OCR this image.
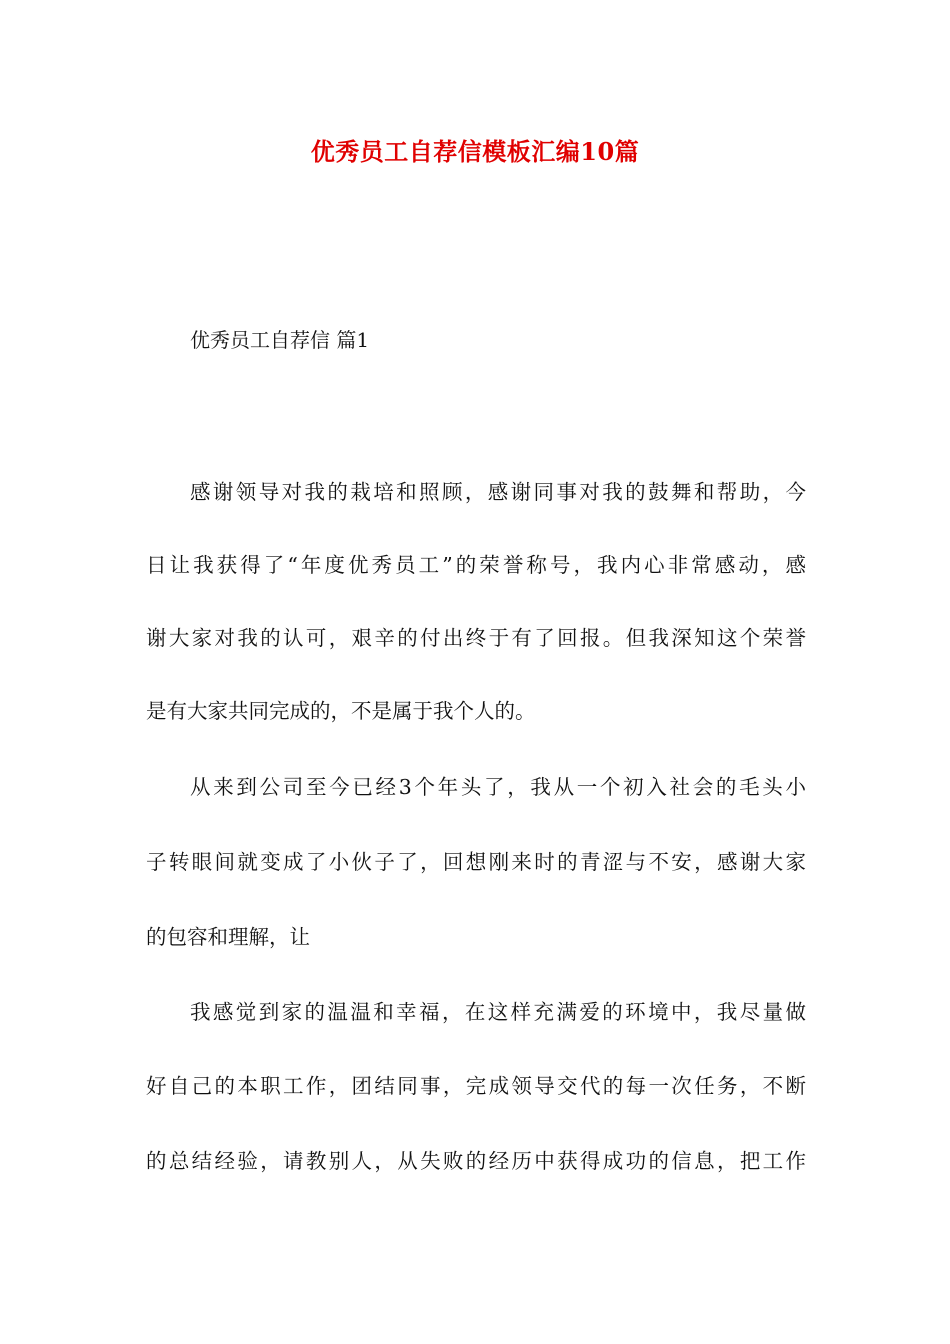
优秀员工自荐信模板汇编10篇
优秀员工自荐信 篇1
感谢领导对我的栽培和照顾，感谢同事对我的鼓舞和帮助，今
日让我获得了“年度优秀员工”的荣誉称号，我内心非常感动，感
谢大家对我的认可，艰辛的付出终于有了回报。但我深知这个荣誉
是有大家共同完成的，不是属于我个人的。
从来到公司至今已经3个年头了，我从一个初入社会的毛头小
子转眼间就变成了小伙子了，回想刚来时的青涩与不安，感谢大家
的包容和理解，让
我感觉到家的温温和幸福，在这样充满爱的环境中，我尽量做
好自己的本职工作，团结同事，完成领导交代的每一次任务，不断
的总结经验，请教别人，从失败的经历中获得成功的信息，把工作
